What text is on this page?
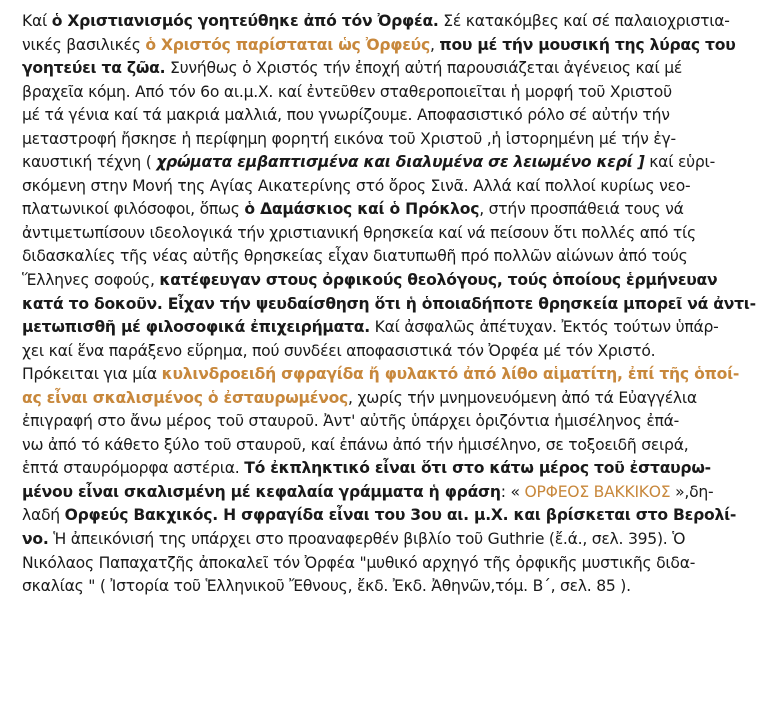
Καί ὁ Χριστιανισμός γοητεύθηκε ἀπό τόν Ὀρφέα. Σέ κατακόμβες καί σέ παλαιοχριστια-
νικές βασιλικές ὁ Χριστός παρίσταται ὡς Ὀρφεύς, που μέ τήν μουσική της λύρας του
γοητεύει τα ζῶα. Συνήθως ὁ Χριστός τήν ἐποχή αὐτή παρουσιάζεται ἀγένειος καί μέ
βραχεῖα κόμη. Από τόν 6ο αι.μ.Χ. καί ἐντεῦθεν σταθεροποιεῖται ἡ μορφή τοῦ Χριστοῦ
μέ τά γένια καί τά μακριά μαλλιά, που γνωρίζουμε. Αποφασιστικό ρόλο σέ αὐτήν τήν
μεταστροφή ἤσκησε ἡ περίφημη φορητή εικόνα τοῦ Χριστοῦ ,ἡ ἱστορημένη μέ τήν ἐγ-
καυστική τέχνη ( χρώματα εμβαπτισμένα και διαλυμένα σε λειωμένο κερί ] καί εὑρι-
σκόμενη στην Μονή της Αγίας Αικατερίνης στό ὄρος Σινᾶ. Αλλά καί πολλοί κυρίως νεο-
πλατωνικοί φιλόσοφοι, ὅπως ὁ Δαμάσκιος καί ὁ Πρόκλος, στήν προσπάθειά τους νά
ἀντιμετωπίσουν ιδεολογικά τήν χριστιανική θρησκεία καί νά πείσουν ὅτι πολλές από τίς
διδασκαλίες τῆς νέας αὐτῆς θρησκείας εἶχαν διατυπωθῆ πρό πολλῶν αἰώνων ἀπό τούς
Ἕλληνες σοφούς, κατέφευγαν στους ὀρφικούς θεολόγους, τούς ὁποίους ἑρμήνευαν
κατά το δοκοῦν. Εἶχαν τήν ψευδαίσθηση ὅτι ἡ ὁποιαδήποτε θρησκεία μπορεῖ νά ἀντι-
μετωπισθῆ μέ φιλοσοφικά ἐπιχειρήματα. Καί ἀσφαλῶς ἀπέτυχαν. Ἐκτός τούτων ὑπάρ-
χει καί ἕνα παράξενο εὕρημα, πού συνδέει αποφασιστικά τόν Ὀρφέα μέ τόν Χριστό.
Πρόκειται για μία κυλινδροειδή σφραγίδα ἤ φυλακτό ἀπό λίθο αἱματίτη, ἐπί τῆς ὁποί-
ας εἶναι σκαλισμένος ὁ ἐσταυρωμένος, χωρίς τήν μνημονευόμενη ἀπό τά Εὐαγγέλια
ἐπιγραφή στο ἄνω μέρος τοῦ σταυροῦ. Ἀντ' αὐτῆς ὑπάρχει ὁριζόντια ἡμισέληνος ἐπά-
νω ἀπό τό κάθετο ξύλο τοῦ σταυροῦ, καί ἐπάνω ἀπό τήν ἡμισέληνο, σε τοξοειδῆ σειρά,
ἑπτά σταυρόμορφα αστέρια. Τό ἐκπληκτικό εἶναι ὅτι στο κάτω μέρος τοῦ ἐσταυρω-
μένου εἶναι σκαλισμένη μέ κεφαλαία γράμματα ἡ φράση: « ΟΡΦΕΟΣ ΒΑΚΚΙΚΟΣ »,δη-
λαδή Ορφεύς Βακχικός. Η σφραγίδα εἶναι του 3ου αι. μ.Χ. και βρίσκεται στο Βερολί-
νο. Ἡ ἀπεικόνισή της υπάρχει στο προαναφερθέν βιβλίο τοῦ Guthrie (ἔ.ά., σελ. 395). Ὁ
Νικόλαος Παπαχατζῆς ἀποκαλεῖ τόν Ὀρφέα "μυθικό αρχηγό τῆς ὀρφικῆς μυστικῆς διδα-
σκαλίας " ( Ἰστορία τοῦ Ἑλληνικοῦ Ἔθνους, ἔκδ. Ἐκδ. Ἀθηνῶν,τόμ. Β΄, σελ. 85 ).
